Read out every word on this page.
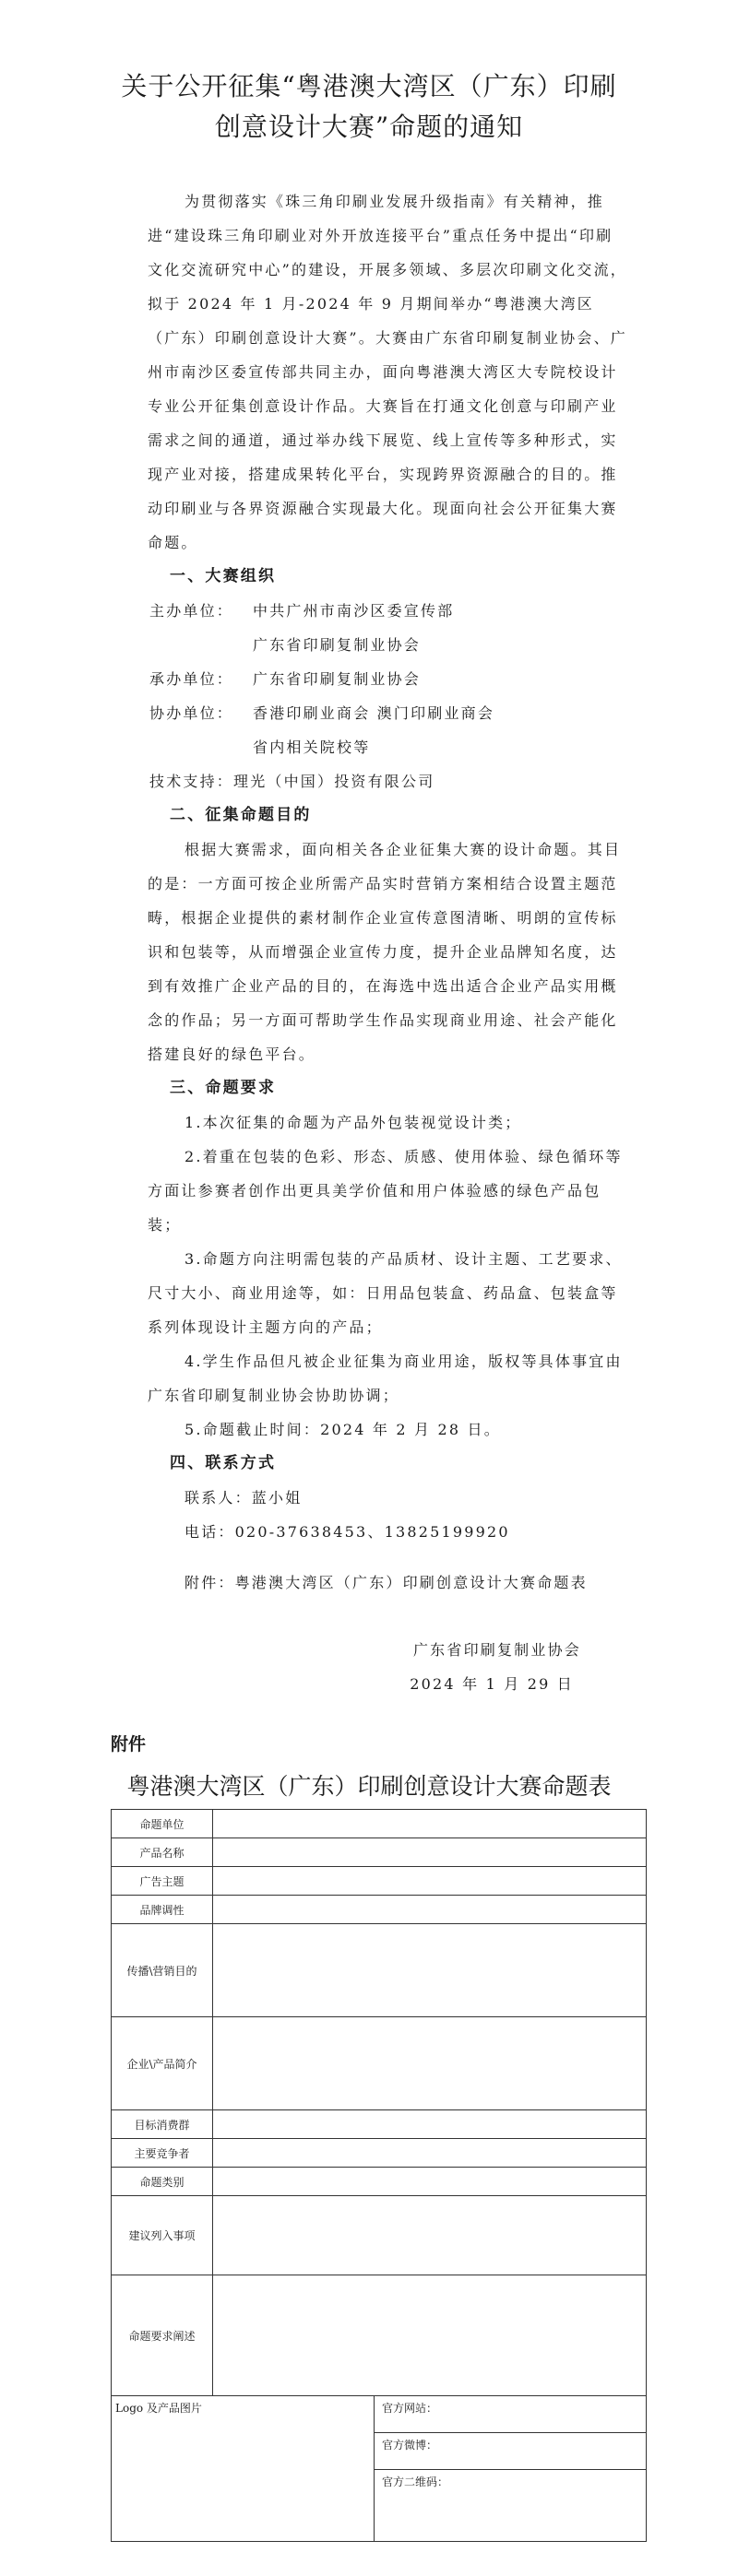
关于公开征集“粤港澳大湾区（广东）印刷
创意设计大赛”命题的通知

为贯彻落实《珠三角印刷业发展升级指南》有关精神，推进“建设珠三角印刷业对外开放连接平台”重点任务中提出“印刷文化交流研究中心”的建设，开展多领域、多层次印刷文化交流，拟于 2024 年 1 月-2024 年 9 月期间举办“粤港澳大湾区（广东）印刷创意设计大赛”。大赛由广东省印刷复制业协会、广州市南沙区委宣传部共同主办，面向粤港澳大湾区大专院校设计专业公开征集创意设计作品。大赛旨在打通文化创意与印刷产业需求之间的通道，通过举办线下展览、线上宣传等多种形式，实现产业对接，搭建成果转化平台，实现跨界资源融合的目的。推动印刷业与各界资源融合实现最大化。现面向社会公开征集大赛命题。

一、大赛组织

主办单位：	中共广州市南沙区委宣传部
广东省印刷复制业协会
承办单位：	广东省印刷复制业协会
协办单位：	香港印刷业商会 澳门印刷业商会
省内相关院校等

技术支持：理光（中国）投资有限公司

二、征集命题目的

根据大赛需求，面向相关各企业征集大赛的设计命题。其目的是：一方面可按企业所需产品实时营销方案相结合设置主题范畴，根据企业提供的素材制作企业宣传意图清晰、明朗的宣传标识和包装等，从而增强企业宣传力度，提升企业品牌知名度，达到有效推广企业产品的目的，在海选中选出适合企业产品实用概念的作品；另一方面可帮助学生作品实现商业用途、社会产能化搭建良好的绿色平台。

三、命题要求

1.本次征集的命题为产品外包装视觉设计类；

2.着重在包装的色彩、形态、质感、使用体验、绿色循环等方面让参赛者创作出更具美学价值和用户体验感的绿色产品包装；

3.命题方向注明需包装的产品质材、设计主题、工艺要求、尺寸大小、商业用途等，如：日用品包装盒、药品盒、包装盒等系列体现设计主题方向的产品；

4.学生作品但凡被企业征集为商业用途，版权等具体事宜由广东省印刷复制业协会协助协调；

5.命题截止时间：2024 年 2 月 28 日。

四、联系方式

联系人：蓝小姐

电话：020-37638453、13825199920

附件：粤港澳大湾区（广东）印刷创意设计大赛命题表

广东省印刷复制业协会

2024 年 1 月 29 日

附件
粤港澳大湾区（广东）印刷创意设计大赛命题表
命题单位		
产品名称		
广告主题		
品牌调性		
传播\营销目的		
企业\产品简介		
目标消费群		
主要竞争者		
命题类别		
建议列入事项		
命题要求阐述		
Logo 及产品图片		官方网站：
官方微博：
官方二维码：
